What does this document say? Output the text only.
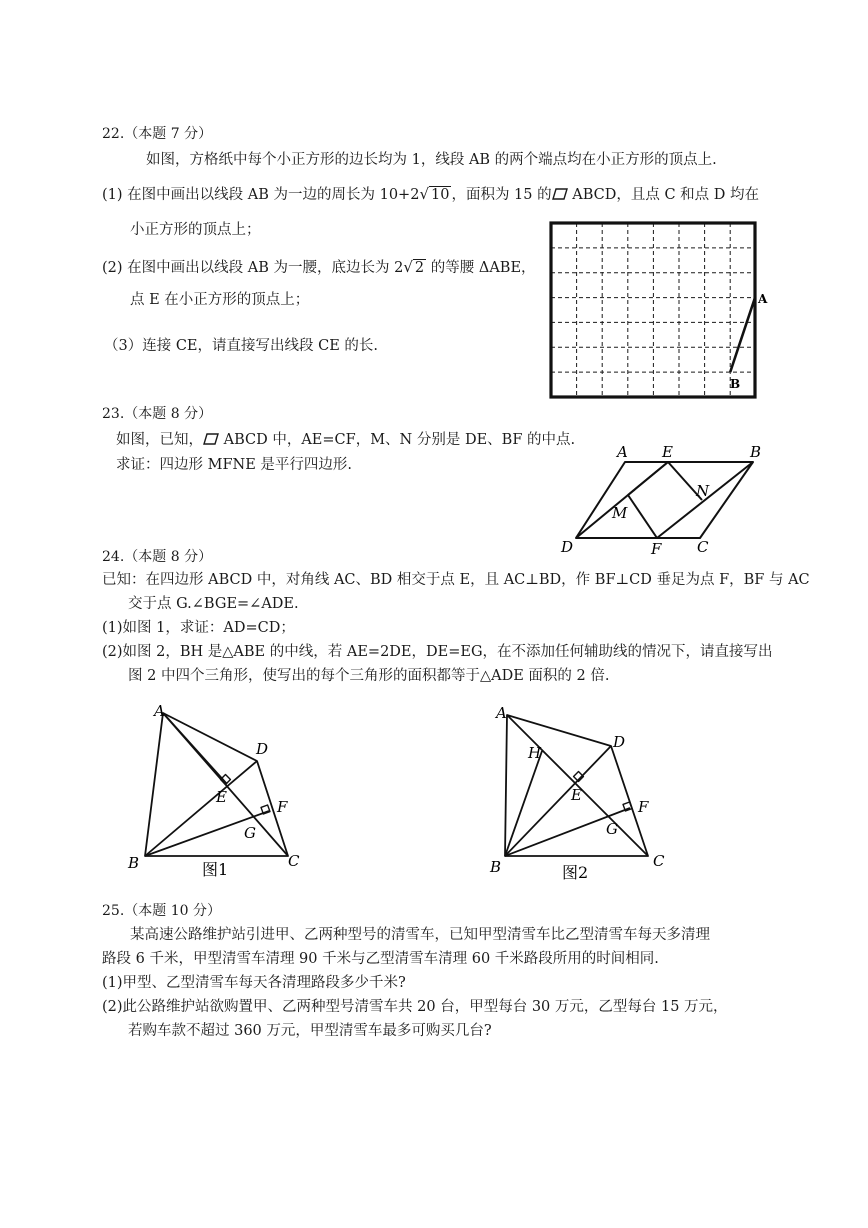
22.（本题 7 分）
如图，方格纸中每个小正方形的边长均为 1，线段 AB 的两个端点均在小正方形的顶点上.
(1) 在图中画出以线段 AB 为一边的周长为 10+2√ 10 ，面积为 15 的 ABCD，且点 C 和点 D 均在
小正方形的顶点上；
(2) 在图中画出以线段 AB 为一腰，底边长为 2√ 2 的等腰 ΔABE，
点 E 在小正方形的顶点上；
（3）连接 CE，请直接写出线段 CE 的长.
A
B
23.（本题 8 分）
如图，已知， ABCD 中，AE=CF，M、N 分别是 DE、BF 的中点.
求证：四边形 MFNE 是平行四边形.
A E	B
N
M
D	F C
24.（本题 8 分）
已知：在四边形 ABCD 中，对角线 AC、BD 相交于点 E，且 AC⊥BD，作 BF⊥CD 垂足为点 F，BF 与 AC
交于点 G.∠BGE=∠ADE.
(1)如图 1，求证：AD=CD；
(2)如图 2，BH 是△ABE 的中线，若 AE=2DE，DE=EG，在不添加任何辅助线的情况下，请直接写出
图 2 中四个三角形，使写出的每个三角形的面积都等于△ADE 面积的 2 倍.
A
D
E
F
G
B	C
图1
A
H
D
E
F
G
B	C
图2
25.（本题 10 分）
某高速公路维护站引进甲、乙两种型号的清雪车，已知甲型清雪车比乙型清雪车每天多清理
路段 6 千米，甲型清雪车清理 90 千米与乙型清雪车清理 60 千米路段所用的时间相同.
(1)甲型、乙型清雪车每天各清理路段多少千米?
(2)此公路维护站欲购置甲、乙两种型号清雪车共 20 台，甲型每台 30 万元，乙型每台 15 万元，
若购车款不超过 360 万元，甲型清雪车最多可购买几台?
